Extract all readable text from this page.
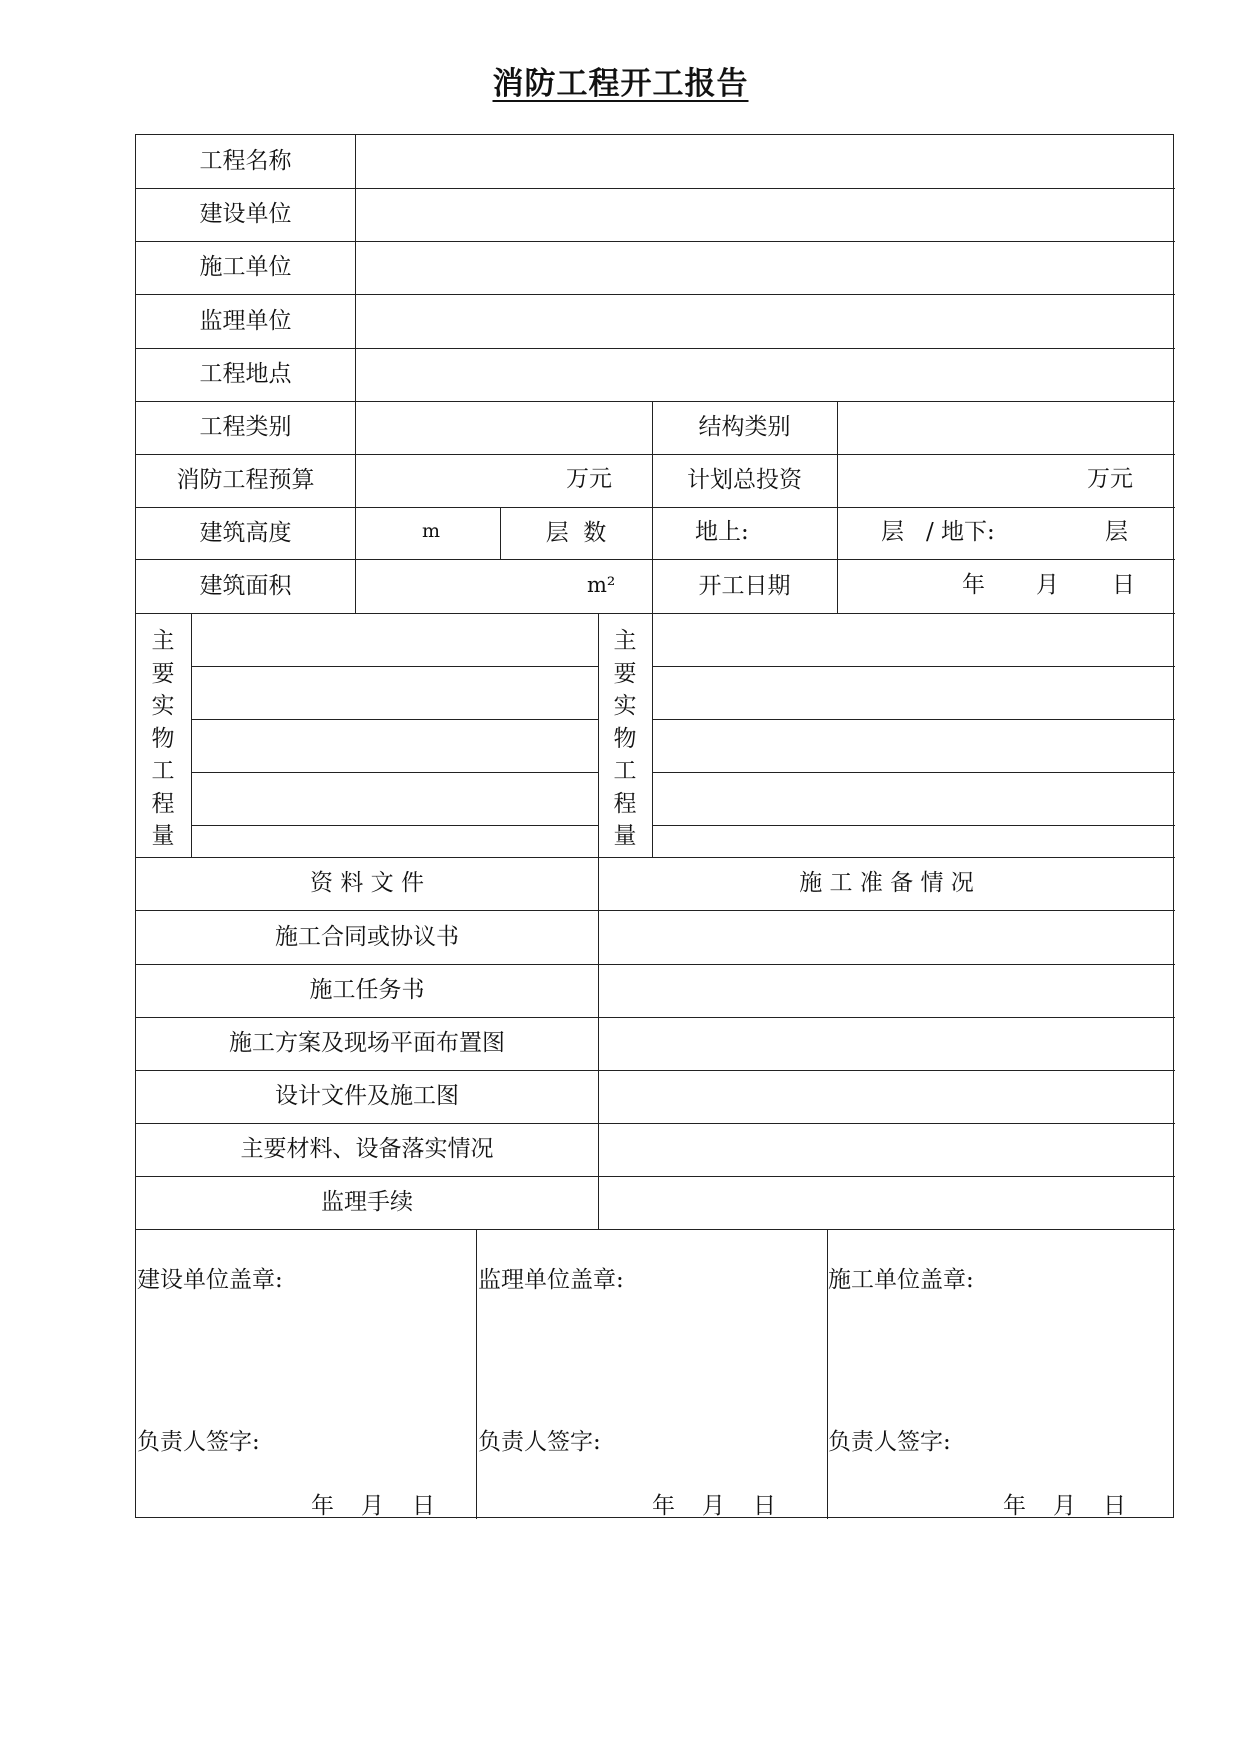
消防工程开工报告
工程名称
建设单位
施工单位
监理单位
工程地点
工程类别	结构类别
消防工程预算	万元	计划总投资	万元
建筑高度	m	层  数	地上:	层 / 地下:	层
建筑面积	m²	开工日期	年 月 日
主
要
实
物
工
程
量
主
要
实
物
工
程
量
资 料 文 件	施 工 准 备 情 况
施工合同或协议书
施工任务书
施工方案及现场平面布置图
设计文件及施工图
主要材料、设备落实情况
监理手续
建设单位盖章:
负责人签字:
年 月 日
监理单位盖章:
负责人签字:
年 月 日
施工单位盖章:
负责人签字:
年 月 日
